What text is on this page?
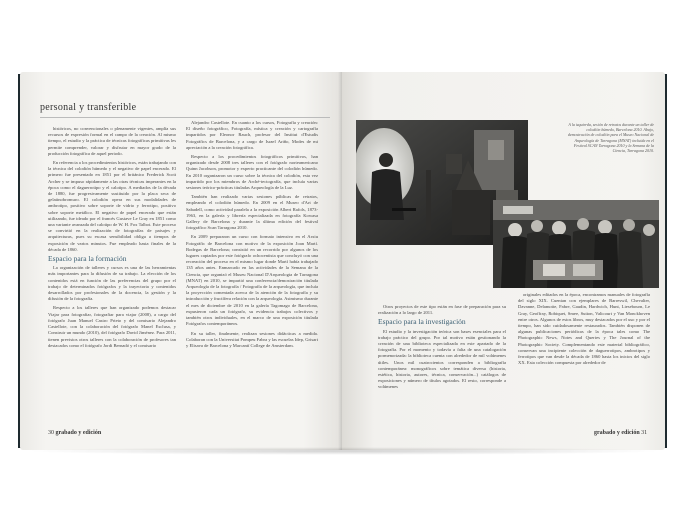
personal y transferible

históricos, no convencionales o plenamente vigentes, amplía sus recursos de expresión formal en el campo de la creación. Al mismo tiempo, el estudio y la práctica de técnicas fotográficas primitivas les permite comprender, valorar y disfrutar en mayor grado de la producción fotográfica de aquel periodo.

En referencia a los procedimientos históricos, están trabajando con la técnica del colodión húmedo y el negativo de papel encerado. El primero fue presentado en 1851 por el británico Frederick Scott Archer y se impuso rápidamente a las otras técnicas imperantes en la época como el daguerrotipo y el calotipo. A mediados de la década de 1880, fue progresivamente sustituido por la placa seca de gelatinobromuro. El colodión opera en sus modalidades de ambrotipo, positivo sobre soporte de vidrio y ferrotipo, positivo sobre soporte metálico. El negativo de papel encerado que están utilizando, fue ideado por el francés Gustave Le Gray en 1851 como una variante avanzada del calotipo de W. H. Fox Talbot. Este proceso se convirtió en la realización de fotografías de paisajes y arquitecturas, pues su escasa sensibilidad obliga a tiempos de exposición de varios minutos. Fue empleado hasta finales de la década de 1860.

Espacio para la formación

La organización de talleres y cursos es una de las herramientas más importantes para la difusión de su trabajo. La elección de los contenidos está en función de las preferencias del grupo por el trabajo de determinados fotógrafos y la trayectoria y contenidos desarrollados por profesionales de la docencia, la gestión y la difusión de la fotografía.

Respecto a los talleres que han organizado podemos destacar Viajar para fotografiar, fotografiar para viajar (2008), a cargo del fotógrafo Juan Manuel Castro Prieto y del comisario Alejandro Castellote, con la colaboración del fotógrafo Manel Esclusa, y Construir un mundo (2010), del fotógrafo David Jiménez. Para 2011, tienen previstos otros talleres con la colaboración de profesores tan destacados como el fotógrafo Jordi Bernadó y el comisario

Alejandro Castellote. En cuanto a los cursos, Fotografía y creación: El diseño fotográfico, Fotografía, mística y creación y cartografía impartidos por Eleonor Rauch, profesor del Institut d'Estudis Fotogràfics de Barcelona, y a cargo de Israel Ariño, Modes de mi apreciación a la creación fotográfica.

Respecto a los procedimientos fotográficos primitivos, han organizado desde 2008 tres talleres con el fotógrafo norteamericano Quinn Jacobson, promotor y experto practicante del colodión húmedo. En 2010 organizaron un curso sobre la técnica del colodión, esta vez impartido por los miembros de Arché-tectografía, que incluía varias sesiones teórico-prácticas tituladas Arqueología de la Luz.

También han realizado varias sesiones públicas de retratos, empleando el colodión húmedo. En 2009 en el Museo d'Art de Sabadell, como actividad paralela a la exposición Albert Rafols, 1873-1963, en la galería y librería especializada en fotografía Kowasa Gallery de Barcelona y durante la última edición del festival fotográfico Scan Tarragona 2010.

En 2009 prepararon un curso con formato intensivo en el Arxiu Fotogràfic de Barcelona con motivo de la exposición Joan Martí. Bodegas de Barcelona; consistió en un recorrido por algunos de los lugares captados por este fotógrafo ochocentista que concluyó con una recreación del proceso en el mismo lugar donde Martí había trabajado 135 años antes. Enmarcado en las actividades de la Semana de la Ciencia, que organizó el Museu Nacional D'Arqueologia de Tarragona (MNAT) en 2010, se impartió una conferencia/demostración titulada Arqueología de la fotografía / Fotografía de la arqueología, que incluía la proyección comentada acerca de la atención de la fotografía y su introducción y fructífera relación con la arqueología. Asimismo durante el mes de diciembre de 2010 en la galería Tagomago de Barcelona, expusieron cada un fotógrafo, su evidencia trabajos colectivos y también otros individuales, en el marco de una exposición titulada Fotógrafos contemporáneos.

En su taller, finalmente, realizan sesiones didácticas a medida. Colaboran con la Universitat Pompeu Fabra y las escuelas Idep, Grisart y Elisava de Barcelona y Marcantí College de Amsterdam.

30 grabado y edición
A la izquierda, sesión de retratos durante un taller de colodión húmedo, Barcelona 2010. Abajo, demostración de colodión para el Museo Nacional de Arqueología de Tarragona (MNAT) incluida en el Festival SCAN Tarragona 2010 y la Semana de la Ciencia, Tarragona 2010.

Otros proyectos de este tipo están en fase de preparación para su realización a lo largo de 2011.

Espacio para la investigación

El estudio y la investigación teórica son bases esenciales para el trabajo práctico del grupo. Por tal motivo están gestionando la creación de una biblioteca especializada en este apartado de la fotografía. Por el momento y todavía a falta de una catalogación pormenorizada: la biblioteca cuenta con alrededor de mil volúmenes útiles. Unos mil cuatrocientos corresponden a bibliografía contemporánea: monográficos sobre temática diversa (historia, estética, historia, autores, técnica, conservación...) catálogos de exposiciones y número de títulos agotados. El resto, corresponde a volúmenes

originales editados en la época, encontramos manuales de fotografía del siglo XIX. Cuentan con ejemplares de Barreswil, Chevalier, Davanne, Delamotte, Fabre, Gaudin, Hardwich, Hunt, Liesebourn, Le Gray, Geoffray, Robiquet, Smee, Sutton, Valicourt y Van Monckhoven entre otros. Algunos de estos libros, muy destacados por el uso y por el tiempo, han sido cuidadosamente restaurados. También disponen de algunas publicaciones periódicas de la época tales como The Photographic News, Notes and Queries y The Journal of the Photographic Society. Complementando este material bibliográfico, conservan una incipiente colección de daguerrotipos, ambrotipos y ferrotipos que van desde la década de 1860 hasta los inicios del siglo XX. Esta colección compuesta por alrededor de

grabado y edición 31
